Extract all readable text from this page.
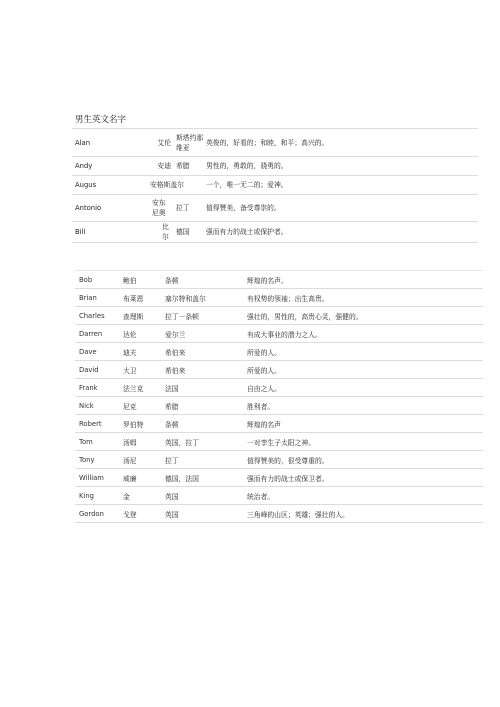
男生英文名字
Alan	艾伦	斯塔约那维亚	英俊的，好看的；和睦，和平；高兴的。
Andy	安迪	希腊	男性的，勇敢的，骁勇的。
Augus		安格斯盖尔	一个，唯一无二的；爱神。
Antonio	安东尼奥	拉丁	值得赞美，备受尊崇的。
Bill	比尔	德国	强而有力的战士或保护者。
Bob	鲍伯	条顿	辉煌的名声。
Brian	布莱恩	塞尔特和盖尔	有权势的领袖；出生高贵。
Charles	查理斯	拉丁－条顿	强壮的，男性的，高贵心灵，强健的。
Darren	达伦	爱尔兰	有成大事业的潜力之人。
Dave	迪夫	希伯来	所爱的人。
David	大卫	希伯来	所爱的人。
Frank	法兰克	法国	自由之人。
Nick	尼克	希腊	胜利者。
Robert	罗伯特	条顿	辉煌的名声
Tom	汤姆	英国，拉丁	一对孪生子太阳之神。
Tony	汤尼	拉丁	值得赞美的，很受尊重的。
William	威廉	德国，法国	强而有力的战士或保卫者。
King	金	英国	统治者。
Gordon	戈登	英国	三角峰的山区；英雄；强壮的人。
